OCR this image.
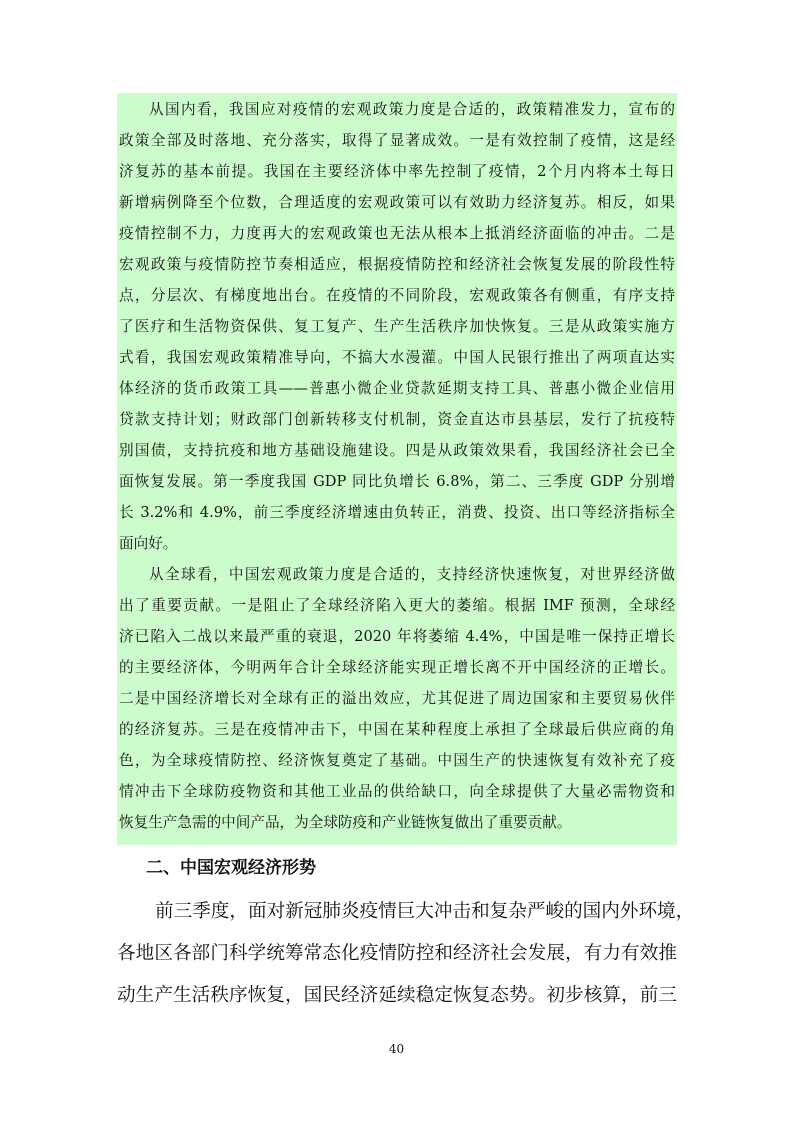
从国内看，我国应对疫情的宏观政策力度是合适的，政策精准发力，宣布的

政策全部及时落地、充分落实，取得了显著成效。一是有效控制了疫情，这是经

济复苏的基本前提。我国在主要经济体中率先控制了疫情，2个月内将本土每日

新增病例降至个位数，合理适度的宏观政策可以有效助力经济复苏。相反，如果

疫情控制不力，力度再大的宏观政策也无法从根本上抵消经济面临的冲击。二是

宏观政策与疫情防控节奏相适应，根据疫情防控和经济社会恢复发展的阶段性特

点，分层次、有梯度地出台。在疫情的不同阶段，宏观政策各有侧重，有序支持

了医疗和生活物资保供、复工复产、生产生活秩序加快恢复。三是从政策实施方

式看，我国宏观政策精准导向，不搞大水漫灌。中国人民银行推出了两项直达实

体经济的货币政策工具——普惠小微企业贷款延期支持工具、普惠小微企业信用

贷款支持计划；财政部门创新转移支付机制，资金直达市县基层，发行了抗疫特

别国债，支持抗疫和地方基础设施建设。四是从政策效果看，我国经济社会已全

面恢复发展。第一季度我国 GDP 同比负增长 6.8%，第二、三季度 GDP 分别增

长 3.2%和 4.9%，前三季度经济增速由负转正，消费、投资、出口等经济指标全

面向好。

从全球看，中国宏观政策力度是合适的，支持经济快速恢复，对世界经济做

出了重要贡献。一是阻止了全球经济陷入更大的萎缩。根据 IMF 预测，全球经

济已陷入二战以来最严重的衰退，2020 年将萎缩 4.4%，中国是唯一保持正增长

的主要经济体，今明两年合计全球经济能实现正增长离不开中国经济的正增长。

二是中国经济增长对全球有正的溢出效应，尤其促进了周边国家和主要贸易伙伴

的经济复苏。三是在疫情冲击下，中国在某种程度上承担了全球最后供应商的角

色，为全球疫情防控、经济恢复奠定了基础。中国生产的快速恢复有效补充了疫

情冲击下全球防疫物资和其他工业品的供给缺口，向全球提供了大量必需物资和

恢复生产急需的中间产品，为全球防疫和产业链恢复做出了重要贡献。

二、中国宏观经济形势

前三季度，面对新冠肺炎疫情巨大冲击和复杂严峻的国内外环境，

各地区各部门科学统筹常态化疫情防控和经济社会发展，有力有效推

动生产生活秩序恢复，国民经济延续稳定恢复态势。初步核算，前三

40
